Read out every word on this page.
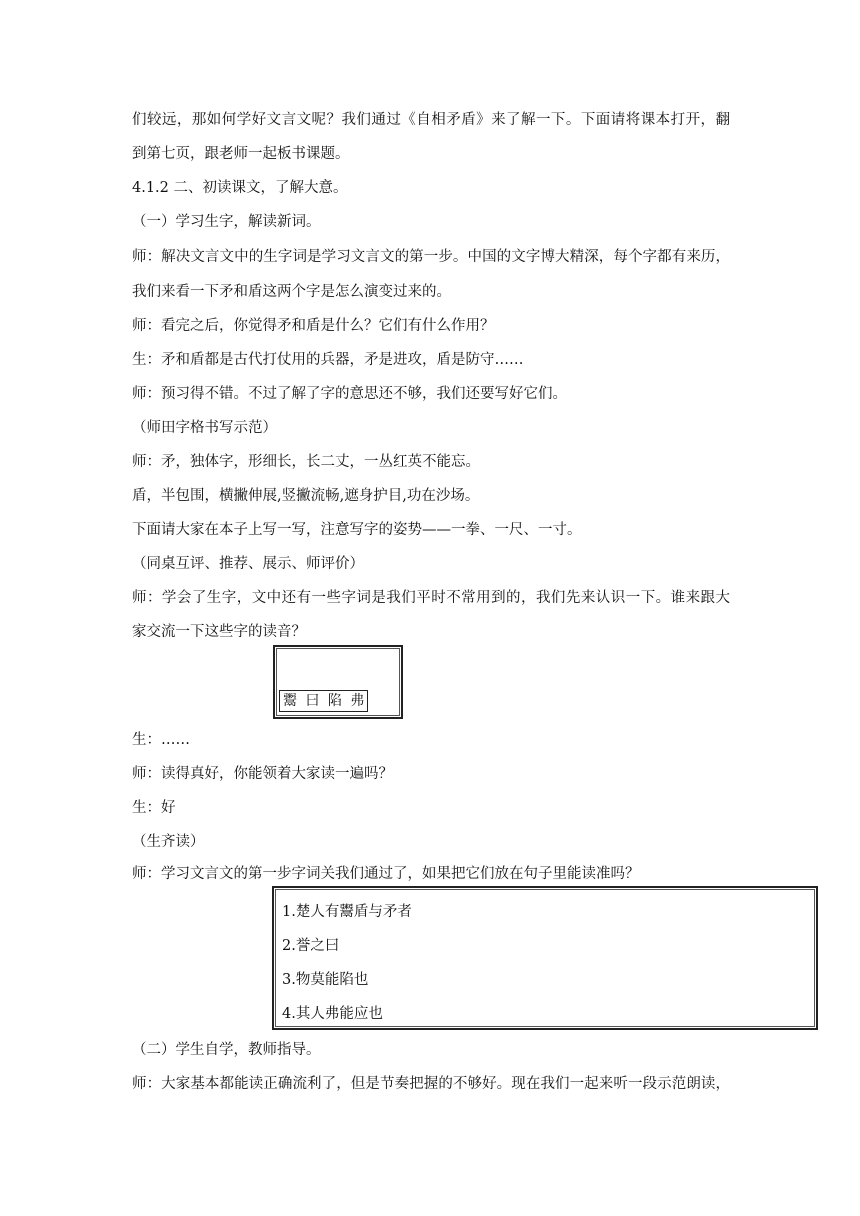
们较远，那如何学好文言文呢？我们通过《自相矛盾》来了解一下。下面请将课本打开，翻

到第七页，跟老师一起板书课题。

4.1.2 二、初读课文，了解大意。

（一）学习生字，解读新词。

师：解决文言文中的生字词是学习文言文的第一步。中国的文字博大精深，每个字都有来历，

我们来看一下矛和盾这两个字是怎么演变过来的。

师：看完之后，你觉得矛和盾是什么？它们有什么作用？

生：矛和盾都是古代打仗用的兵器，矛是进攻，盾是防守……

师：预习得不错。不过了解了字的意思还不够，我们还要写好它们。

（师田字格书写示范）

师：矛，独体字，形细长，长二丈，一丛红英不能忘。

盾，半包围，横撇伸展,竖撇流畅,遮身护目,功在沙场。

下面请大家在本子上写一写，注意写字的姿势——一拳、一尺、一寸。

（同桌互评、推荐、展示、师评价）

师：学会了生字，文中还有一些字词是我们平时不常用到的，我们先来认识一下。谁来跟大

家交流一下这些字的读音？

鬻 曰 陷 弗

生：……

师：读得真好，你能领着大家读一遍吗？

生：好

（生齐读）

师：学习文言文的第一步字词关我们通过了，如果把它们放在句子里能读准吗？

1.楚人有鬻盾与矛者
2.誉之曰
3.物莫能陷也
4.其人弗能应也

（二）学生自学，教师指导。

师：大家基本都能读正确流利了，但是节奏把握的不够好。现在我们一起来听一段示范朗读，
